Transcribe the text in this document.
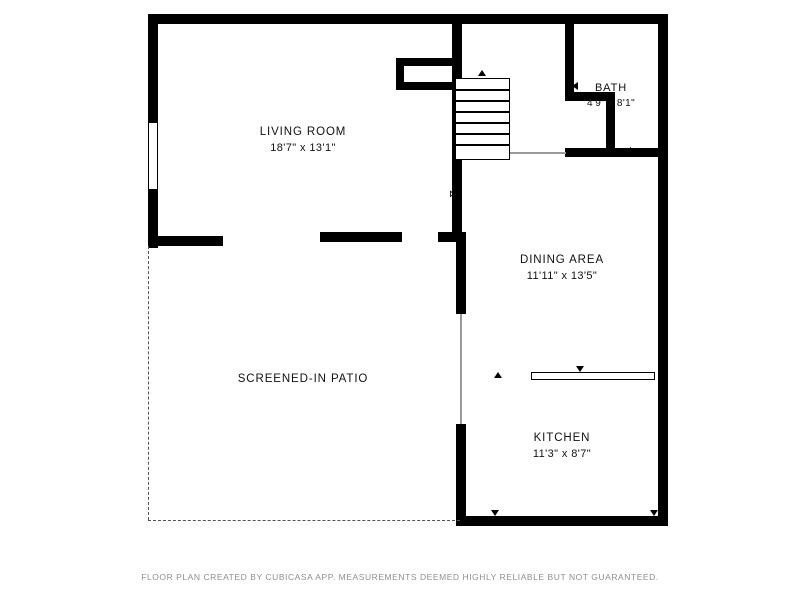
⋈
LIVING ROOM
18'7" x 13'1"
BATH
4'9" x 8'1"
DINING AREA
11'11" x 13'5"
KITCHEN
11'3" x 8'7"
SCREENED-IN PATIO
FLOOR PLAN CREATED BY CUBICASA APP. MEASUREMENTS DEEMED HIGHLY RELIABLE BUT NOT GUARANTEED.
